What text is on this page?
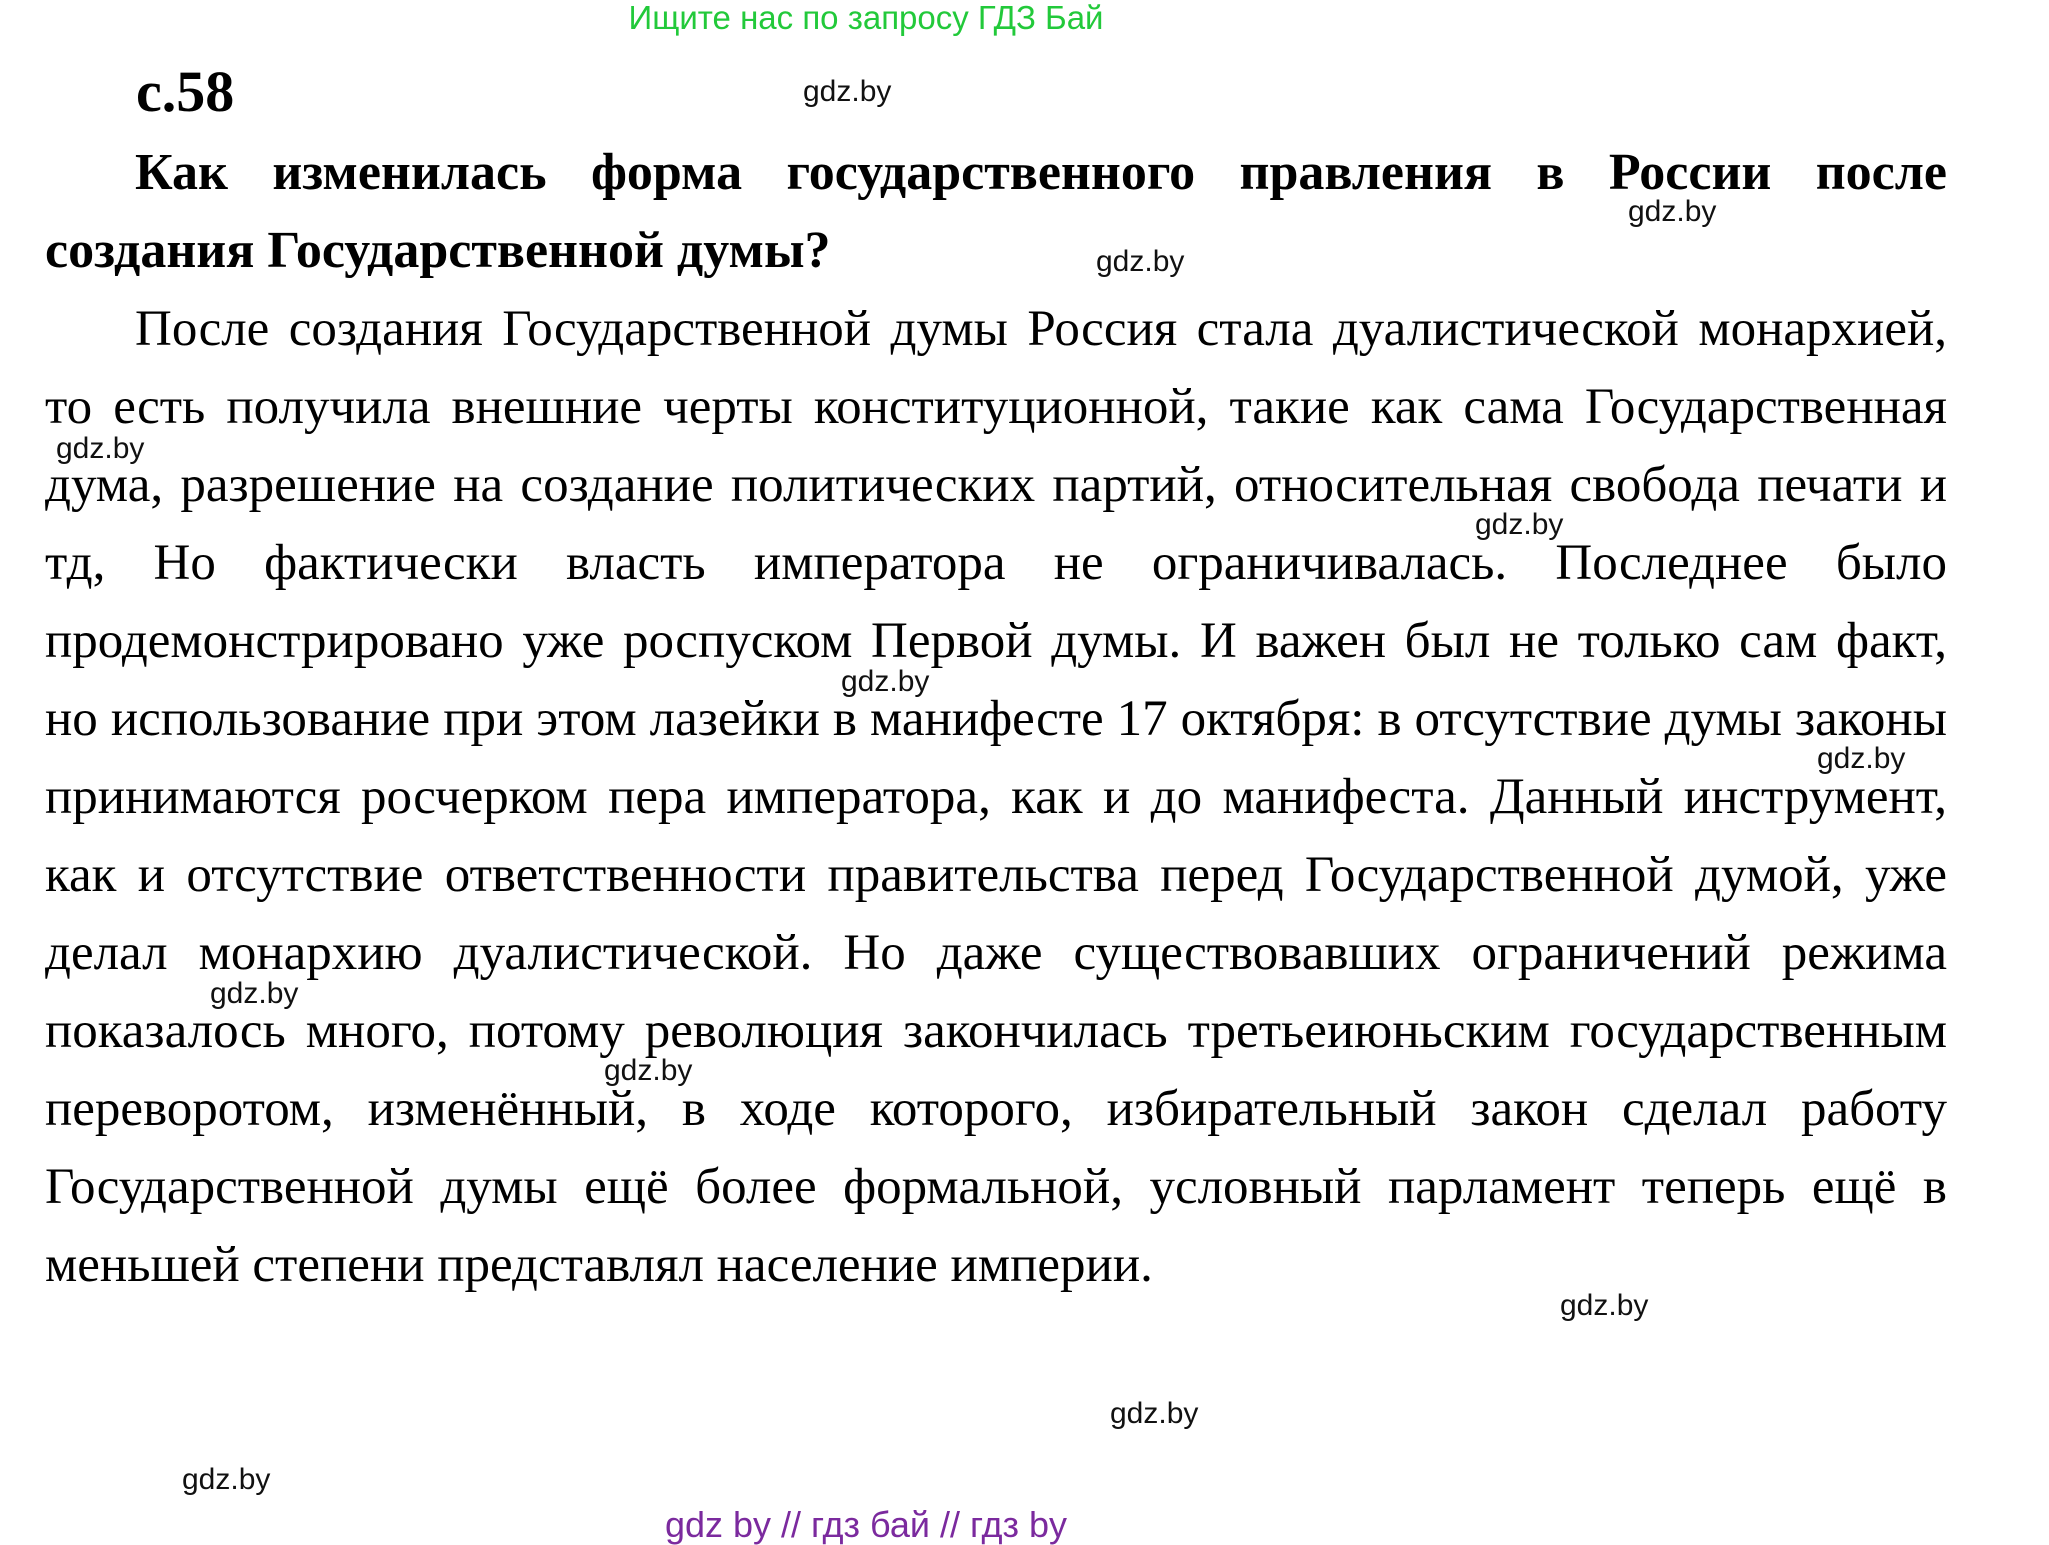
Ищите нас по запросу ГДЗ Бай
с.58
Как изменилась форма государственного правления в России после создания Государственной думы?
После создания Государственной думы Россия стала дуалистической монархией, то есть получила внешние черты конституционной, такие как сама Государственная дума, разрешение на создание политических партий, относительная свобода печати и тд, Но фактически власть императора не ограничивалась. Последнее было продемонстрировано уже роспуском Первой думы. И важен был не только сам факт, но использование при этом лазейки в манифесте 17 октября: в отсутствие думы законы принимаются росчерком пера императора, как и до манифеста. Данный инструмент, как и отсутствие ответственности правительства перед Государственной думой, уже делал монархию дуалистической. Но даже существовавших ограничений режима показалось много, потому революция закончилась третьеиюньским государственным переворотом, изменённый, в ходе которого, избирательный закон сделал работу Государственной думы ещё более формальной, условный парламент теперь ещё в меньшей степени представлял население империи.
gdz.by
gdz.by
gdz.by
gdz.by
gdz.by
gdz.by
gdz.by
gdz.by
gdz.by
gdz.by
gdz.by
gdz.by
gdz by // гдз бай // гдз by
